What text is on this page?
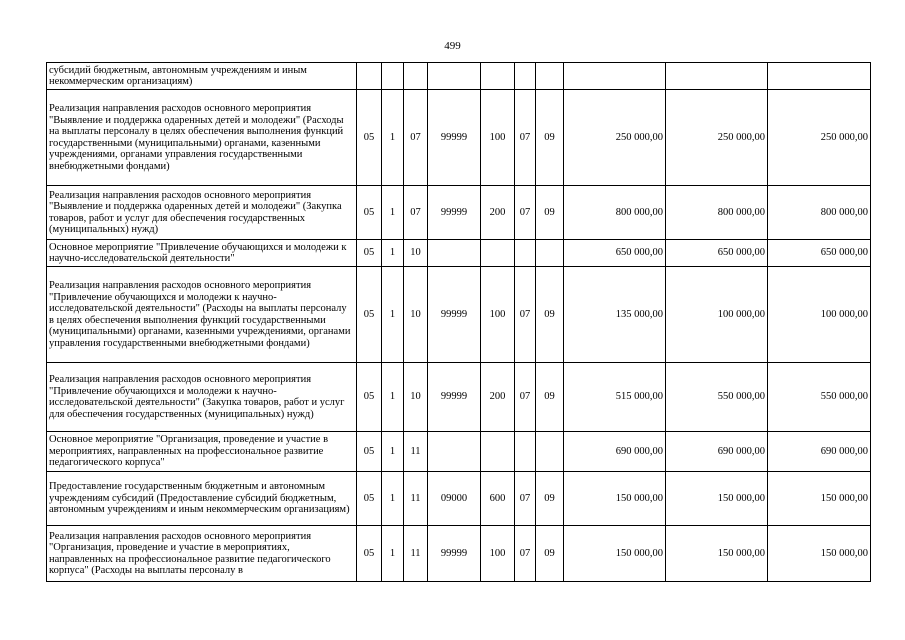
499
субсидий бюджетным, автономным учреждениям и иным некоммерческим организациям)										
Реализация направления расходов основного мероприятия "Выявление и поддержка одаренных детей и молодежи" (Расходы на выплаты персоналу в целях обеспечения выполнения функций государственными (муниципальными) органами, казенными учреждениями, органами управления государственными внебюджетными фондами)	05	1	07	99999	100	07	09	250 000,00	250 000,00	250 000,00
Реализация направления расходов основного мероприятия "Выявление и поддержка одаренных детей и молодежи" (Закупка товаров, работ и услуг для обеспечения государственных (муниципальных) нужд)	05	1	07	99999	200	07	09	800 000,00	800 000,00	800 000,00
Основное мероприятие "Привлечение обучающихся и молодежи к научно-исследовательской деятельности"	05	1	10					650 000,00	650 000,00	650 000,00
Реализация направления расходов основного мероприятия "Привлечение обучающихся и молодежи к научно-исследовательской деятельности" (Расходы на выплаты персоналу в целях обеспечения выполнения функций государственными (муниципальными) органами, казенными учреждениями, органами управления государственными внебюджетными фондами)	05	1	10	99999	100	07	09	135 000,00	100 000,00	100 000,00
Реализация направления расходов основного мероприятия "Привлечение обучающихся и молодежи к научно-исследовательской деятельности" (Закупка товаров, работ и услуг для обеспечения государственных (муниципальных) нужд)	05	1	10	99999	200	07	09	515 000,00	550 000,00	550 000,00
Основное мероприятие "Организация, проведение и участие в мероприятиях, направленных на профессиональное развитие педагогического корпуса"	05	1	11					690 000,00	690 000,00	690 000,00
Предоставление государственным бюджетным и автономным учреждениям субсидий (Предоставление субсидий бюджетным, автономным учреждениям и иным некоммерческим организациям)	05	1	11	09000	600	07	09	150 000,00	150 000,00	150 000,00
Реализация направления расходов основного мероприятия "Организация, проведение и участие в мероприятиях, направленных на профессиональное развитие педагогического корпуса" (Расходы на выплаты персоналу в	05	1	11	99999	100	07	09	150 000,00	150 000,00	150 000,00
